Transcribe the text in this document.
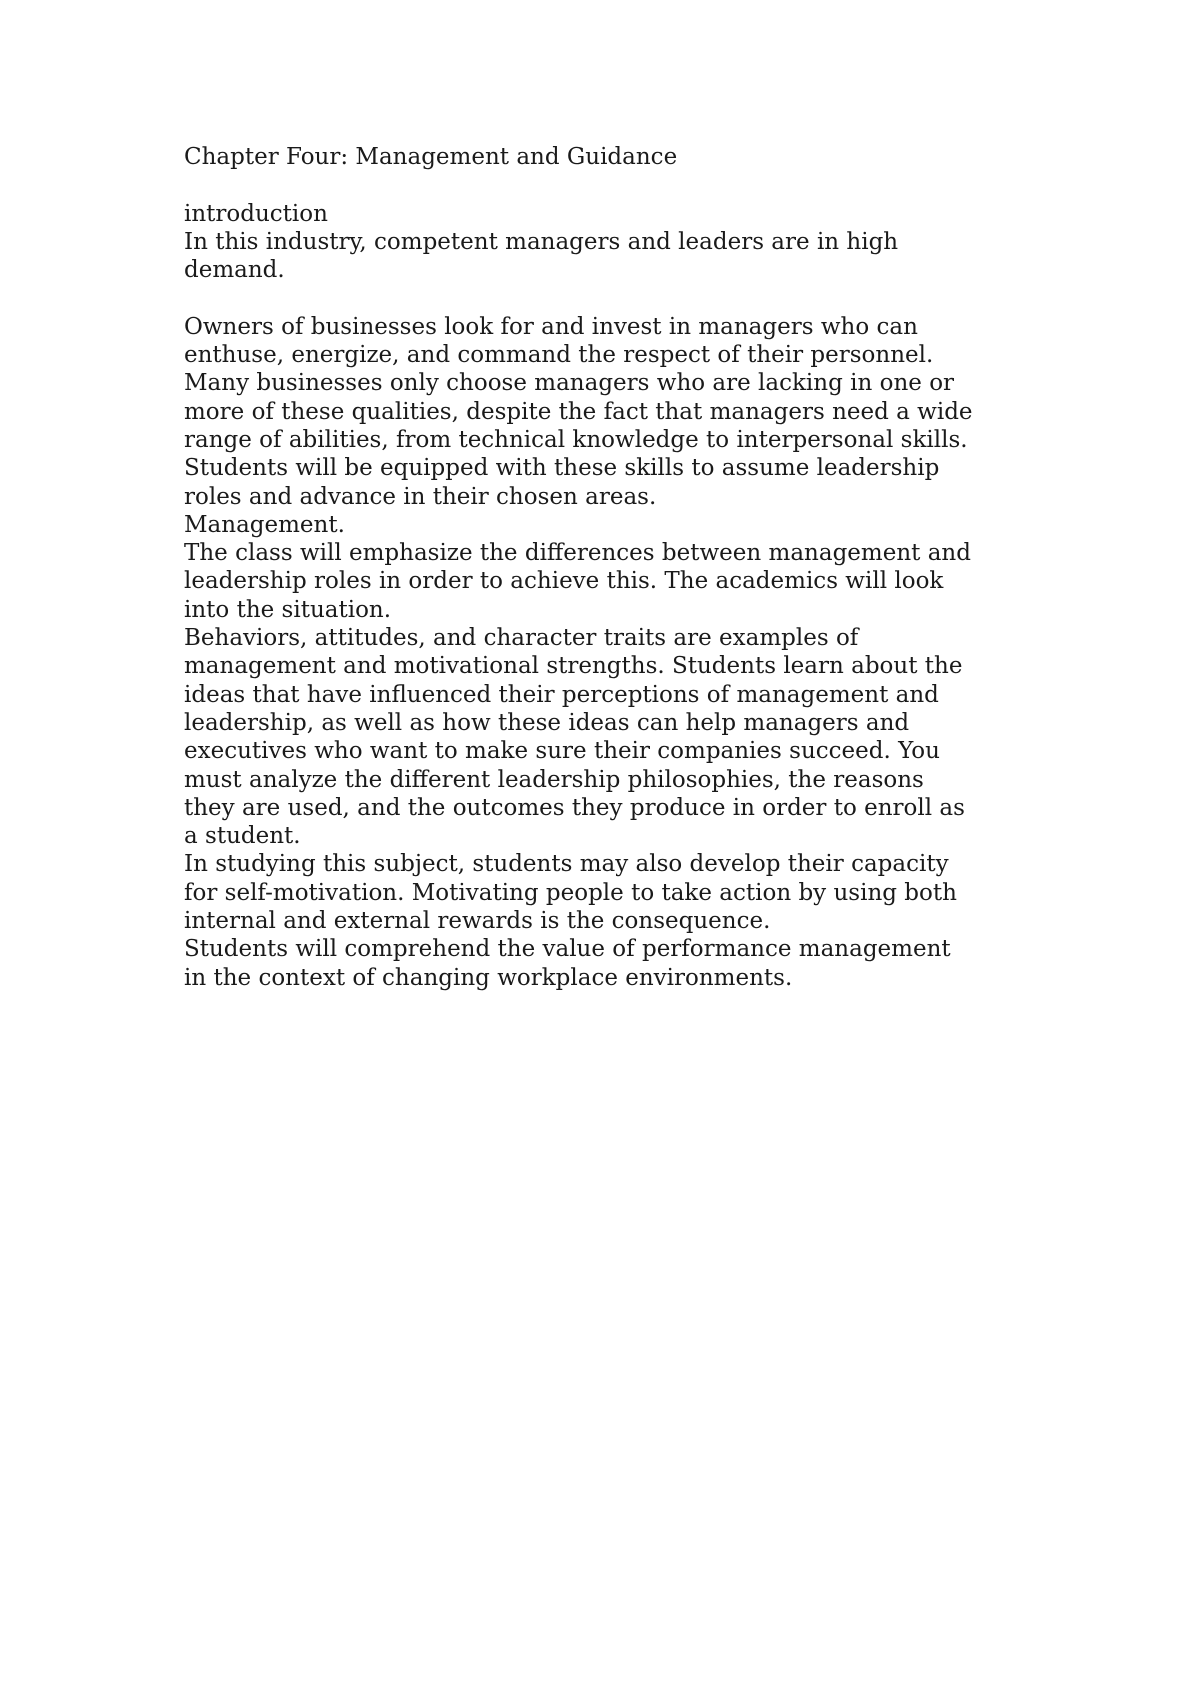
Chapter Four: Management and Guidance
introduction
In this industry, competent managers and leaders are in high
demand.
Owners of businesses look for and invest in managers who can
enthuse, energize, and command the respect of their personnel.
Many businesses only choose managers who are lacking in one or
more of these qualities, despite the fact that managers need a wide
range of abilities, from technical knowledge to interpersonal skills.
Students will be equipped with these skills to assume leadership
roles and advance in their chosen areas.
Management.
The class will emphasize the differences between management and
leadership roles in order to achieve this. The academics will look
into the situation.
Behaviors, attitudes, and character traits are examples of
management and motivational strengths. Students learn about the
ideas that have influenced their perceptions of management and
leadership, as well as how these ideas can help managers and
executives who want to make sure their companies succeed. You
must analyze the different leadership philosophies, the reasons
they are used, and the outcomes they produce in order to enroll as
a student.
In studying this subject, students may also develop their capacity
for self-motivation. Motivating people to take action by using both
internal and external rewards is the consequence.
Students will comprehend the value of performance management
in the context of changing workplace environments.
